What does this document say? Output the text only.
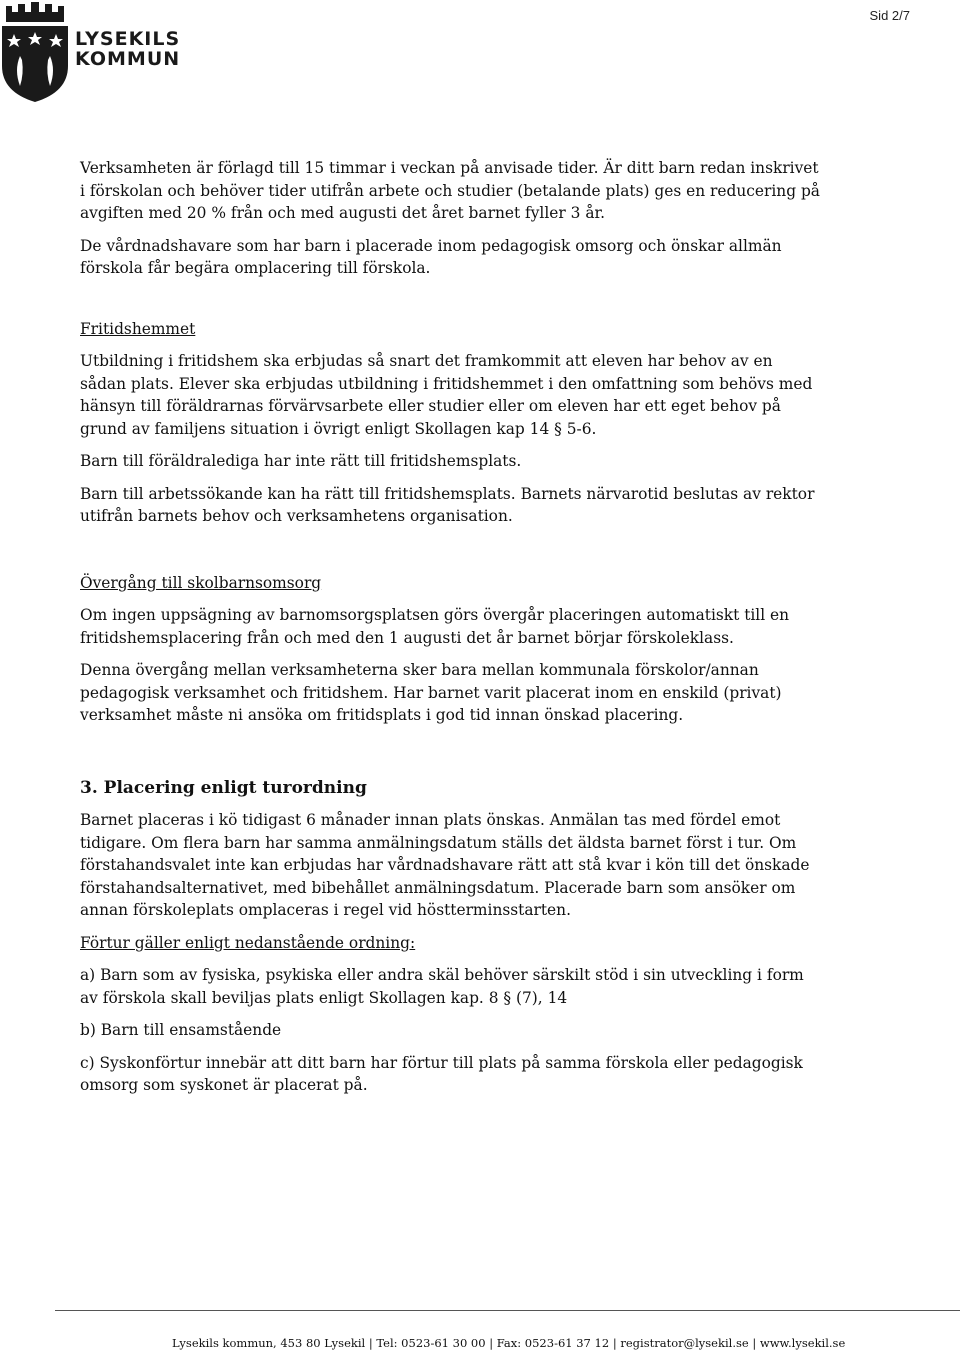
LYSEKILS
KOMMUN
Sid 2/7

Verksamheten är förlagd till 15 timmar i veckan på anvisade tider. Är ditt barn redan inskrivet i förskolan och behöver tider utifrån arbete och studier (betalande plats) ges en reducering på avgiften med 20 % från och med augusti det året barnet fyller 3 år.

De vårdnadshavare som har barn i placerade inom pedagogisk omsorg och önskar allmän förskola får begära omplacering till förskola.

Fritidshemmet

Utbildning i fritidshem ska erbjudas så snart det framkommit att eleven har behov av en sådan plats. Elever ska erbjudas utbildning i fritidshemmet i den omfattning som behövs med hänsyn till föräldrarnas förvärvsarbete eller studier eller om eleven har ett eget behov på grund av familjens situation i övrigt enligt Skollagen kap 14 § 5-6.

Barn till föräldralediga har inte rätt till fritidshemsplats.

Barn till arbetssökande kan ha rätt till fritidshemsplats. Barnets närvarotid beslutas av rektor utifrån barnets behov och verksamhetens organisation.

Övergång till skolbarnsomsorg

Om ingen uppsägning av barnomsorgsplatsen görs övergår placeringen automatiskt till en fritidshemsplacering från och med den 1 augusti det år barnet börjar förskoleklass.

Denna övergång mellan verksamheterna sker bara mellan kommunala förskolor/annan pedagogisk verksamhet och fritidshem. Har barnet varit placerat inom en enskild (privat) verksamhet måste ni ansöka om fritidsplats i god tid innan önskad placering.

3. Placering enligt turordning

Barnet placeras i kö tidigast 6 månader innan plats önskas. Anmälan tas med fördel emot tidigare. Om flera barn har samma anmälningsdatum ställs det äldsta barnet först i tur. Om förstahandsvalet inte kan erbjudas har vårdnadshavare rätt att stå kvar i kön till det önskade förstahandsalternativet, med bibehållet anmälningsdatum. Placerade barn som ansöker om annan förskoleplats omplaceras i regel vid höstterminsstarten.

Förtur gäller enligt nedanstående ordning:

a) Barn som av fysiska, psykiska eller andra skäl behöver särskilt stöd i sin utveckling i form av förskola skall beviljas plats enligt Skollagen kap. 8 § (7), 14

b) Barn till ensamstående

c) Syskonförtur innebär att ditt barn har förtur till plats på samma förskola eller pedagogisk omsorg som syskonet är placerat på.

Lysekils kommun, 453 80 Lysekil | Tel: 0523-61 30 00 | Fax: 0523-61 37 12 | registrator@lysekil.se | www.lysekil.se
